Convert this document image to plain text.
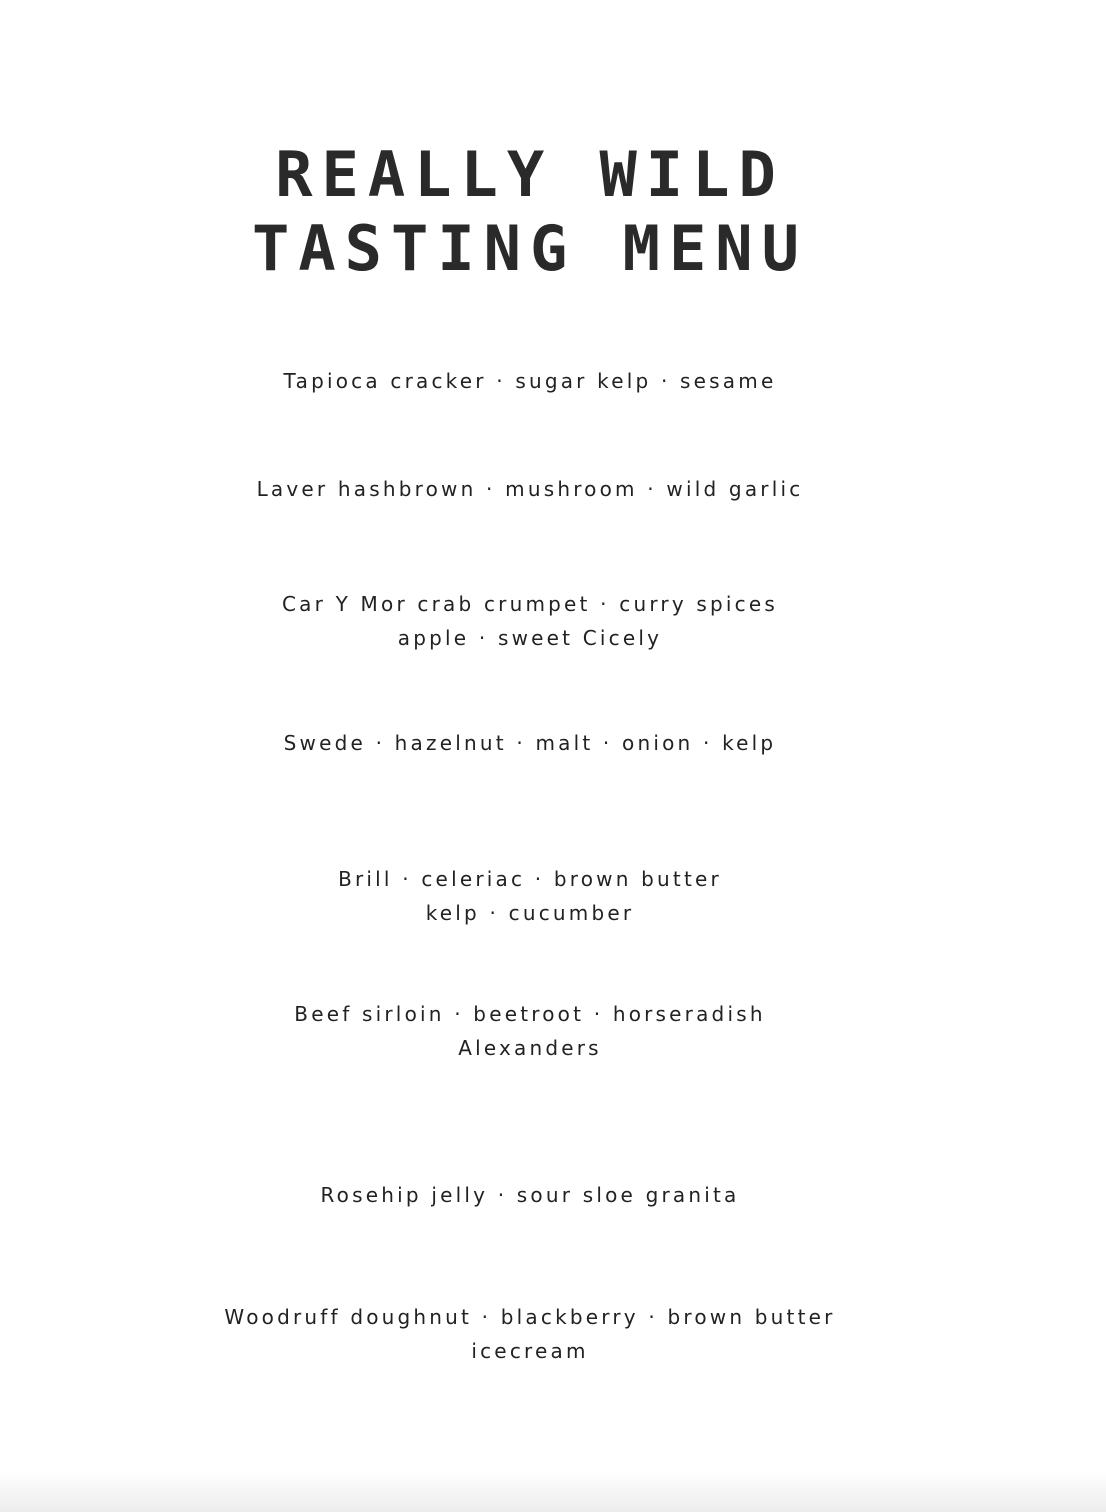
REALLY WILD
TASTING MENU
Tapioca cracker · sugar kelp · sesame
Laver hashbrown · mushroom · wild garlic
Car Y Mor crab crumpet · curry spices
apple · sweet Cicely
Swede · hazelnut · malt · onion · kelp
Brill · celeriac · brown butter
kelp · cucumber
Beef sirloin · beetroot · horseradish
Alexanders
Rosehip jelly · sour sloe granita
Woodruff doughnut · blackberry · brown butter
icecream
